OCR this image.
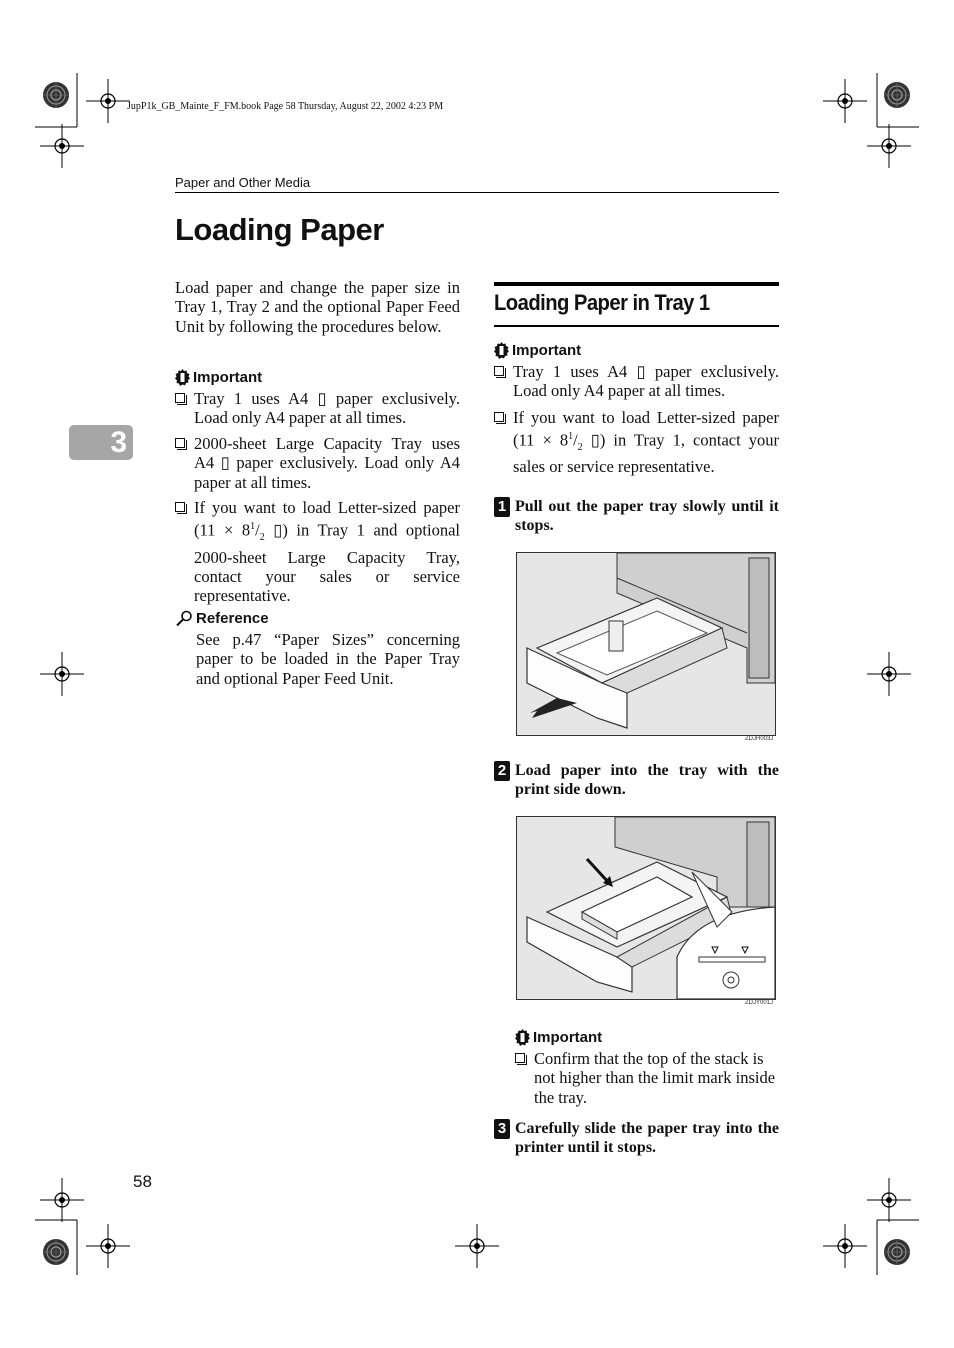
JupP1k_GB_Mainte_F_FM.book Page 58 Thursday, August 22, 2002 4:23 PM
Paper and Other Media
Loading Paper
3
Load paper and change the paper size in Tray 1, Tray 2 and the optional Paper Feed Unit by following the procedures below.
Important
Tray 1 uses A4 ▯ paper exclusively. Load only A4 paper at all times.
2000-sheet Large Capacity Tray uses A4 ▯ paper exclusively. Load only A4 paper at all times.
If you want to load Letter-sized paper ($11 \times 8^1/_2$ ▯) in Tray 1 and optional 2000-sheet Large Capacity Tray, contact your sales or service representative.
Reference
See p.47 “Paper Sizes” concerning paper to be loaded in the Paper Tray and optional Paper Feed Unit.
Loading Paper in Tray 1
Important
Tray 1 uses A4 ▯ paper exclusively. Load only A4 paper at all times.
If you want to load Letter-sized paper ($11 \times 8^1/_2$ ▯) in Tray 1, contact your sales or service representative.
1 Pull out the paper tray slowly until it stops.
ZDJH003J
2 Load paper into the tray with the print side down.
ZDJY001J
Important
Confirm that the top of the stack is not higher than the limit mark inside the tray.
3 Carefully slide the paper tray into the printer until it stops.
58
